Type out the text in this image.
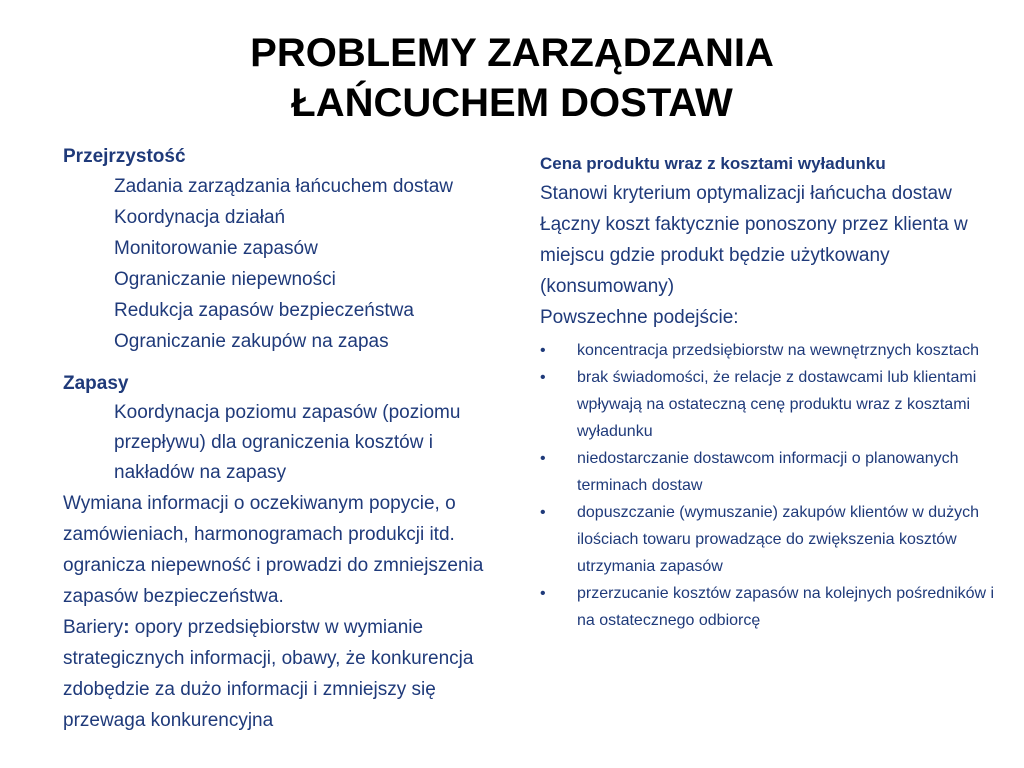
PROBLEMY ZARZĄDZANIA
ŁAŃCUCHEM DOSTAW
Przejrzystość
Zadania zarządzania łańcuchem dostaw
Koordynacja działań
Monitorowanie zapasów
Ograniczanie niepewności
Redukcja zapasów bezpieczeństwa
Ograniczanie zakupów na zapas
Zapasy
Koordynacja poziomu zapasów (poziomu przepływu) dla ograniczenia kosztów i nakładów na zapasy
Wymiana informacji o oczekiwanym popycie, o zamówieniach, harmonogramach produkcji itd. ogranicza niepewność i prowadzi do zmniejszenia zapasów bezpieczeństwa.
Bariery: opory przedsiębiorstw w wymianie strategicznych informacji, obawy, że konkurencja zdobędzie za dużo informacji i zmniejszy się przewaga konkurencyjna
Cena produktu wraz z kosztami wyładunku
Stanowi kryterium optymalizacji łańcucha dostaw
Łączny koszt faktycznie ponoszony przez klienta w miejscu gdzie produkt będzie użytkowany (konsumowany)
Powszechne podejście:
• koncentracja przedsiębiorstw na wewnętrznych kosztach
• brak świadomości, że relacje z dostawcami lub klientami wpływają na ostateczną cenę produktu wraz z kosztami wyładunku
• niedostarczanie dostawcom informacji o planowanych terminach dostaw
• dopuszczanie (wymuszanie) zakupów klientów w dużych ilościach towaru prowadzące do zwiększenia kosztów utrzymania zapasów
• przerzucanie kosztów zapasów na kolejnych pośredników i na ostatecznego odbiorcę
